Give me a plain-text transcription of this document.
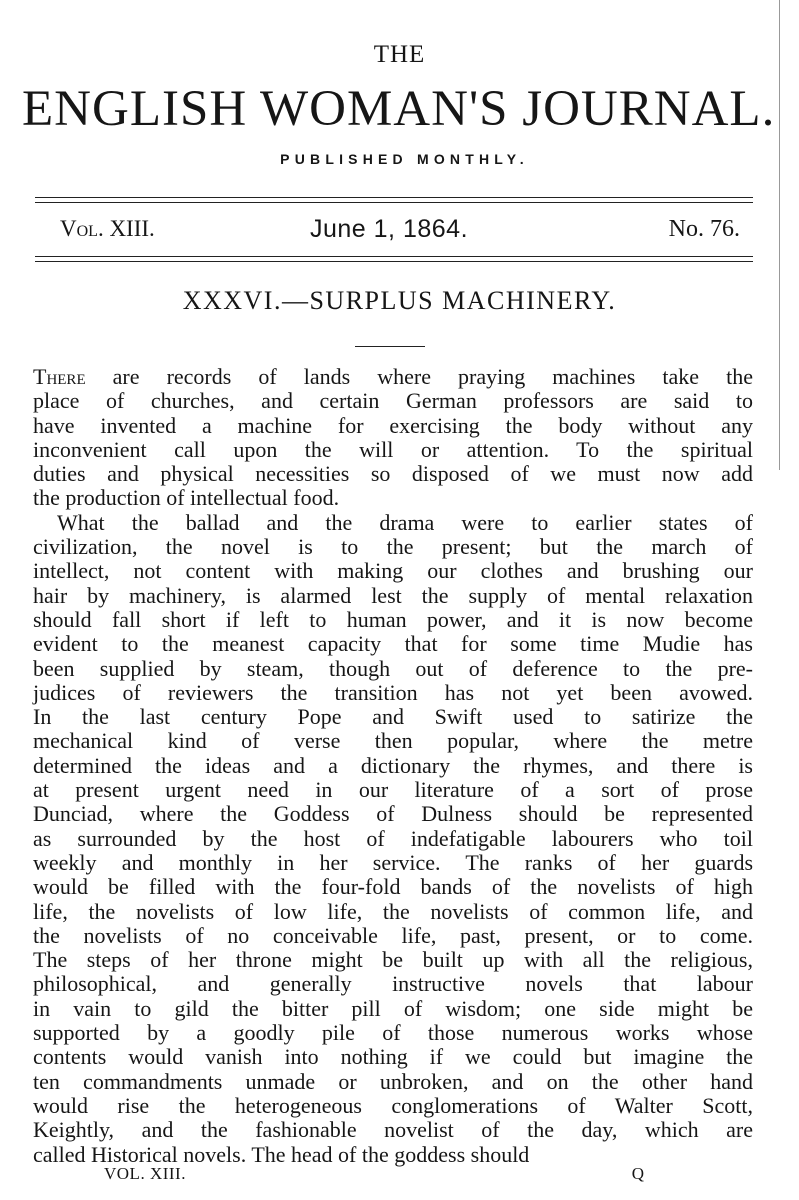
THE
ENGLISH WOMAN'S JOURNAL.
PUBLISHED MONTHLY.
Vol. XIII.	June 1, 1864.	No. 76.
XXXVI.—SURPLUS MACHINERY.
There are records of lands where praying machines take the
place of churches, and certain German professors are said to
have invented a machine for exercising the body without any
inconvenient call upon the will or attention. To the spiritual
duties and physical necessities so disposed of we must now add
the production of intellectual food.
What the ballad and the drama were to earlier states of
civilization, the novel is to the present; but the march of
intellect, not content with making our clothes and brushing our
hair by machinery, is alarmed lest the supply of mental relaxation
should fall short if left to human power, and it is now become
evident to the meanest capacity that for some time Mudie has
been supplied by steam, though out of deference to the pre-
judices of reviewers the transition has not yet been avowed.
In the last century Pope and Swift used to satirize the
mechanical kind of verse then popular, where the metre
determined the ideas and a dictionary the rhymes, and there is
at present urgent need in our literature of a sort of prose
Dunciad, where the Goddess of Dulness should be represented
as surrounded by the host of indefatigable labourers who toil
weekly and monthly in her service. The ranks of her guards
would be filled with the four-fold bands of the novelists of high
life, the novelists of low life, the novelists of common life, and
the novelists of no conceivable life, past, present, or to come.
The steps of her throne might be built up with all the religious,
philosophical, and generally instructive novels that labour
in vain to gild the bitter pill of wisdom; one side might be
supported by a goodly pile of those numerous works whose
contents would vanish into nothing if we could but imagine the
ten commandments unmade or unbroken, and on the other hand
would rise the heterogeneous conglomerations of Walter Scott,
Keightly, and the fashionable novelist of the day, which are
called Historical novels. The head of the goddess should
VOL. XIII.	Q
